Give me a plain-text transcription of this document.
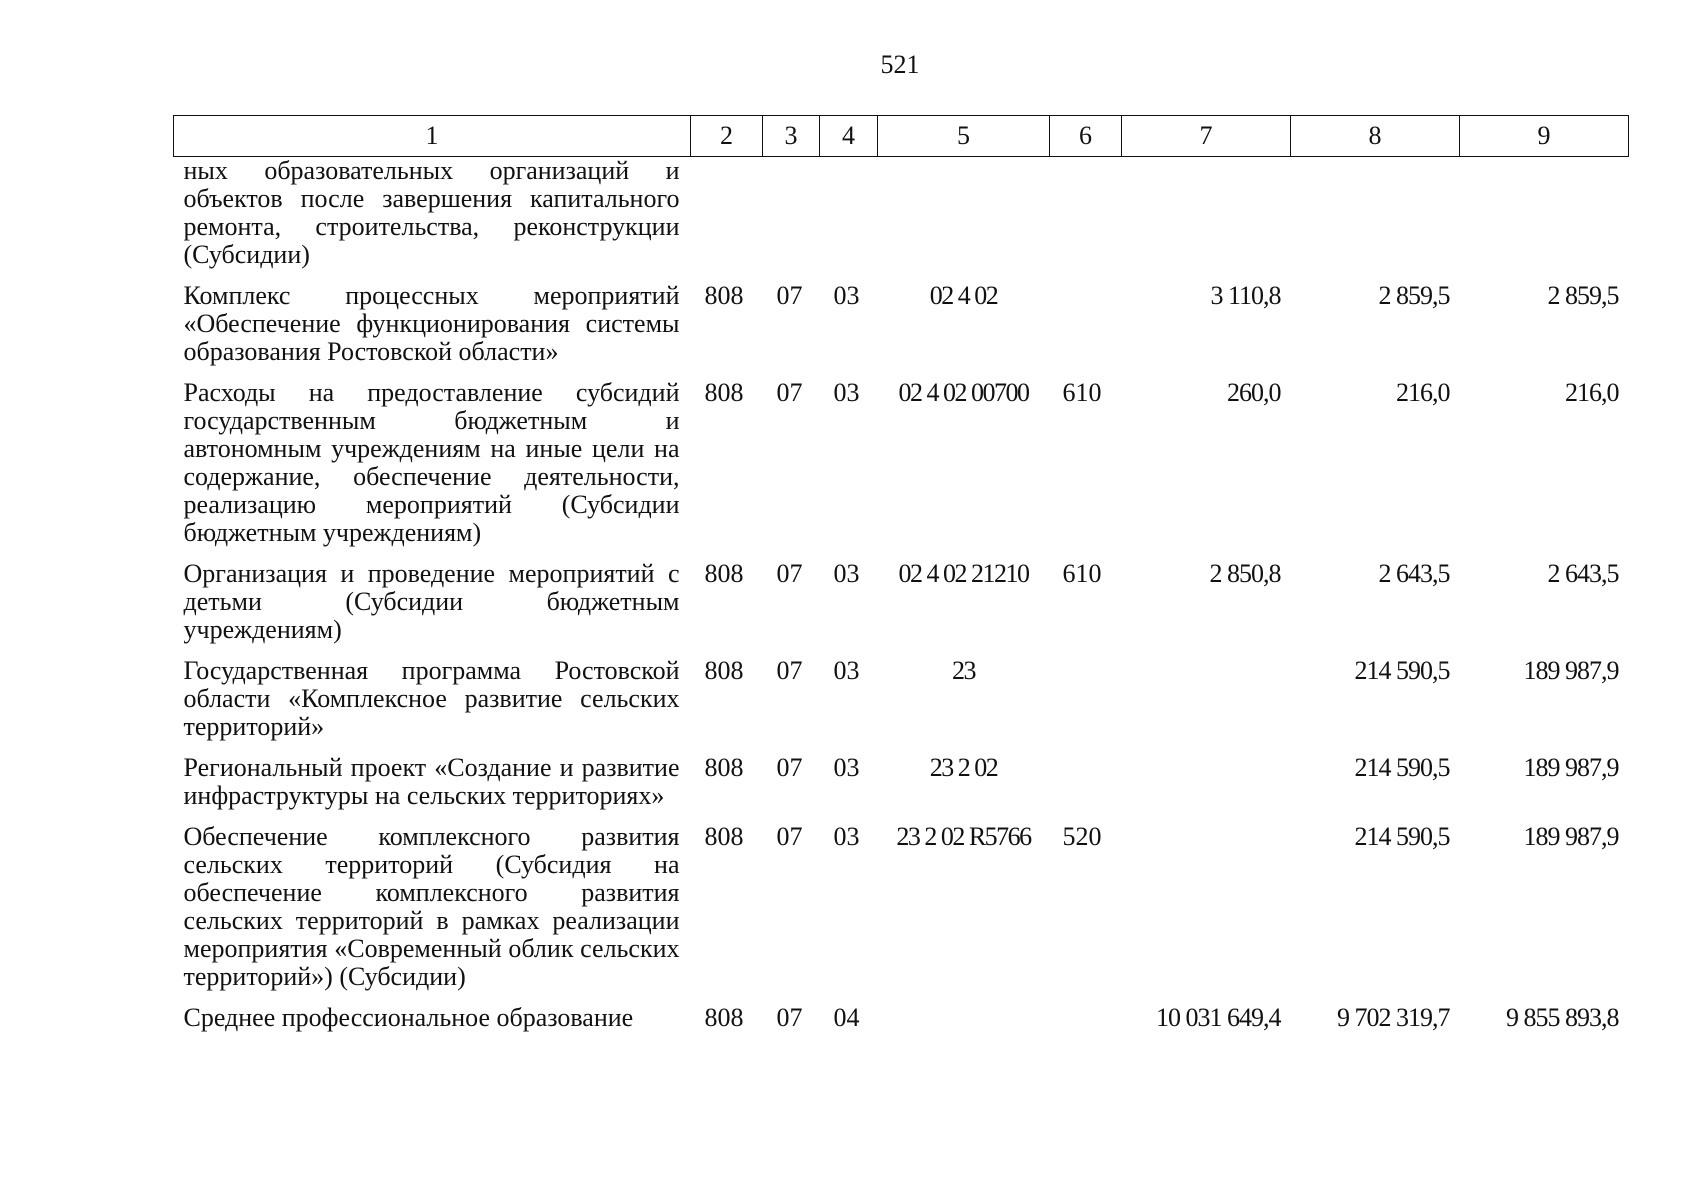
521
1	2	3	4	5	6	7	8	9
ных образовательных организаций и объектов после завершения капитального ремонта, строительства, реконструкции (Субсидии)								
Комплекс процессных мероприятий «Обеспечение функционирования системы образования Ростовской области»	808	07	03	02 4 02		3 110,8	2 859,5	2 859,5
Расходы на предоставление субсидий государственным бюджетным и автономным учреждениям на иные цели на содержание, обеспечение деятельности, реализацию мероприятий (Субсидии бюджетным учреждениям)	808	07	03	02 4 02 00700	610	260,0	216,0	216,0
Организация и проведение мероприятий с детьми (Субсидии бюджетным учреждениям)	808	07	03	02 4 02 21210	610	2 850,8	2 643,5	2 643,5
Государственная программа Ростовской области «Комплексное развитие сельских территорий»	808	07	03	23			214 590,5	189 987,9
Региональный проект «Создание и развитие инфраструктуры на сельских территориях»	808	07	03	23 2 02			214 590,5	189 987,9
Обеспечение комплексного развития сельских территорий (Субсидия на обеспечение комплексного развития сельских территорий в рамках реализации мероприятия «Современный облик сельских территорий») (Субсидии)	808	07	03	23 2 02 R5766	520		214 590,5	189 987,9
Среднее профессиональное образование	808	07	04			10 031 649,4	9 702 319,7	9 855 893,8
